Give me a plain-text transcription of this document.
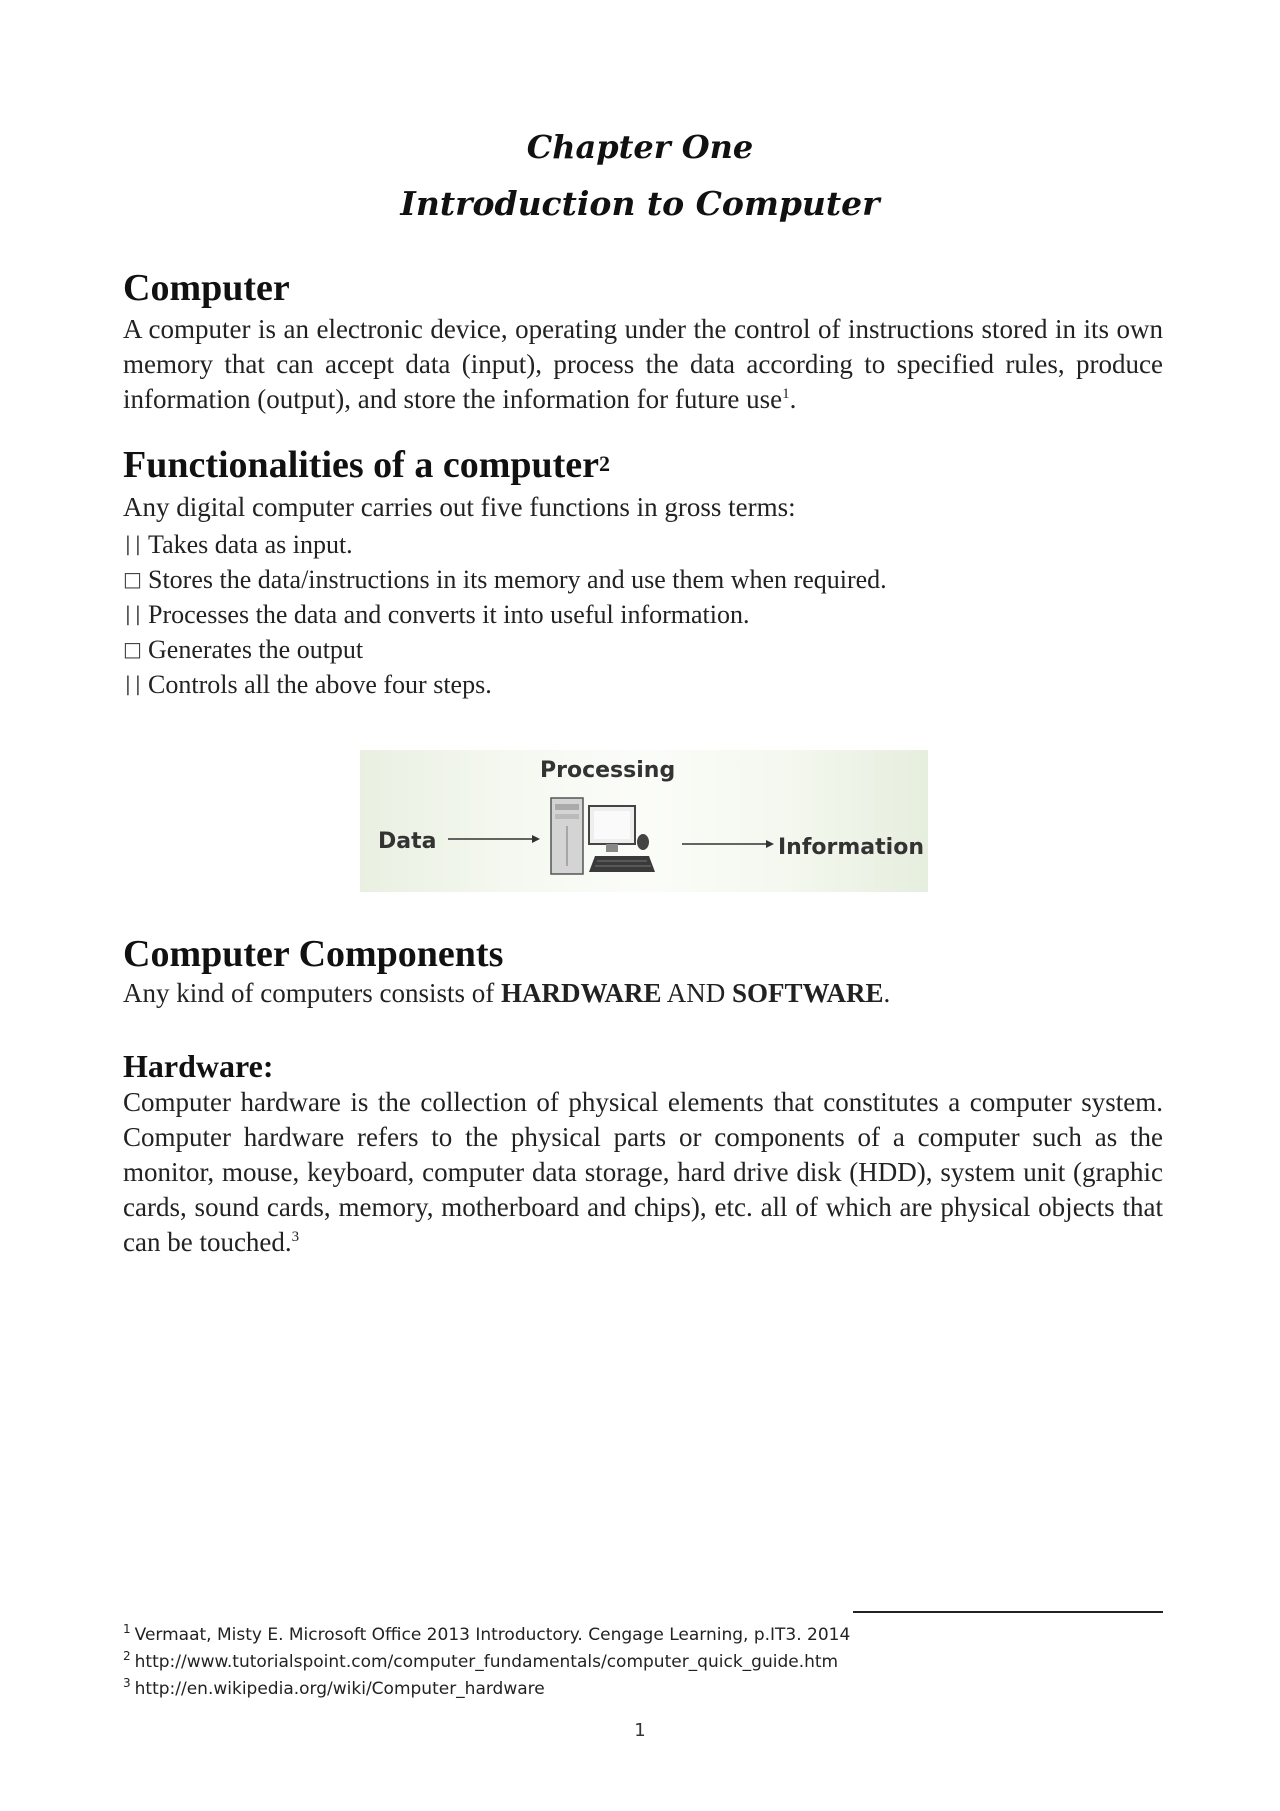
Chapter One
Introduction to Computer
Computer

A computer is an electronic device, operating under the control of instructions stored in its own memory that can accept data (input), process the data according to specified rules, produce information (output), and store the information for future use$^1$.

Functionalities of a computer$^2$

Any digital computer carries out five functions in gross terms:

∣∣ Takes data as input.
□ Stores the data/instructions in its memory and use them when required.
∣∣ Processes the data and converts it into useful information.
□ Generates the output
∣∣ Controls all the above four steps.
Processing
Data	Information
Computer Components

Any kind of computers consists of HARDWARE AND SOFTWARE.

Hardware:

Computer hardware is the collection of physical elements that constitutes a computer system. Computer hardware refers to the physical parts or components of a computer such as the monitor, mouse, keyboard, computer data storage, hard drive disk (HDD), system unit (graphic cards, sound cards, memory, motherboard and chips), etc. all of which are physical objects that can be touched.$^3$

$^1$ Vermaat, Misty E. Microsoft Office 2013 Introductory. Cengage Learning, p.IT3. 2014
$^2$ http://www.tutorialspoint.com/computer_fundamentals/computer_quick_guide.htm
$^3$ http://en.wikipedia.org/wiki/Computer_hardware
1
